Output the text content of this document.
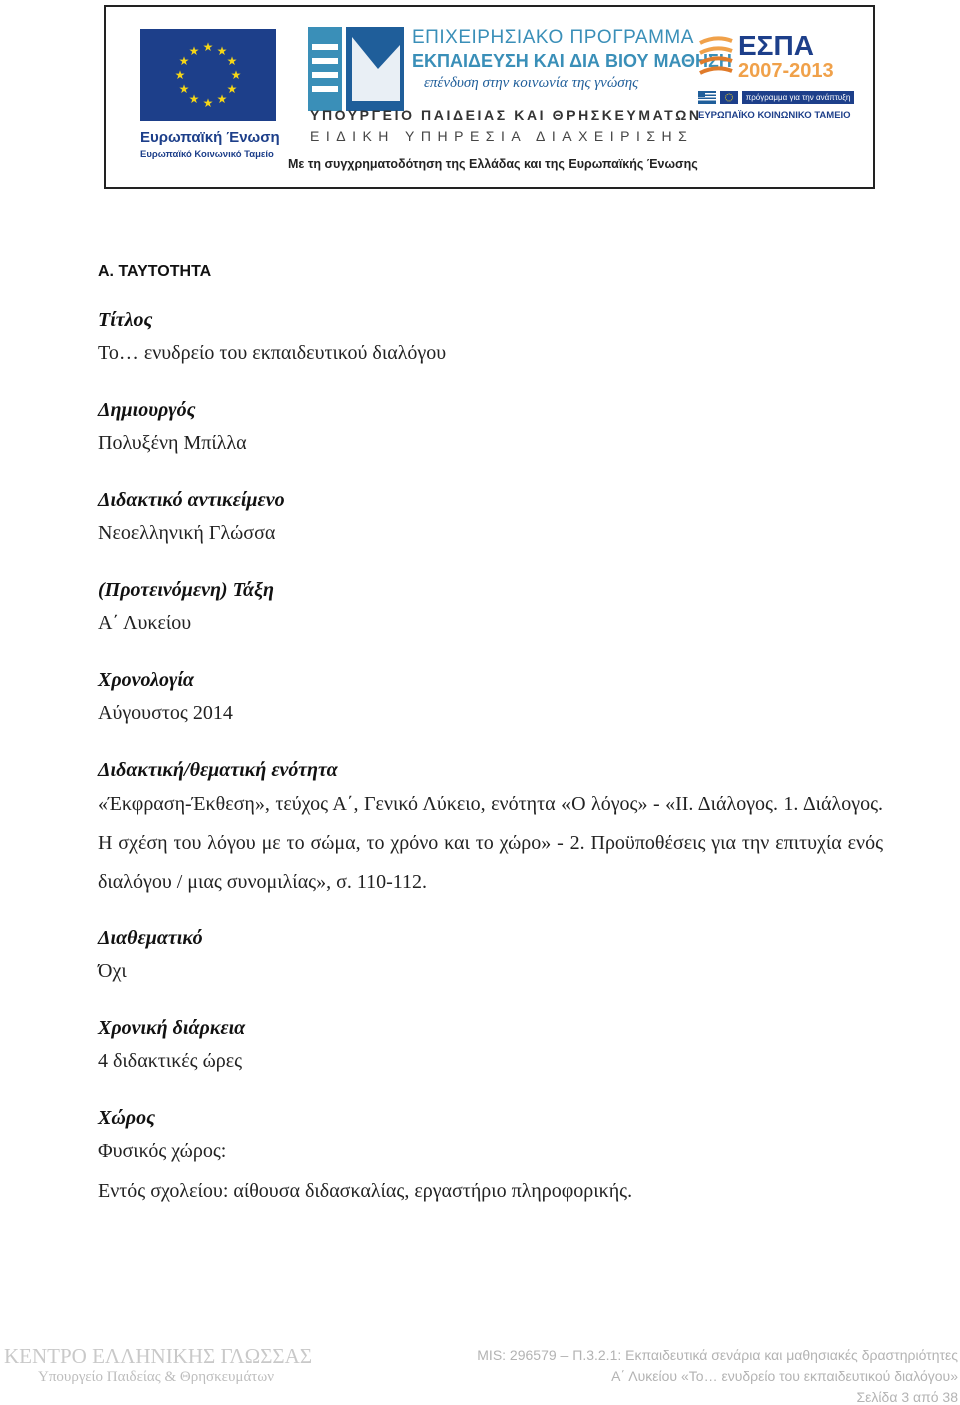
★ ★
★
★
★
★
★
★
★
★
★
★
Ευρωπαϊκή Ένωση
Ευρωπαϊκό Κοινωνικό Ταμείο
ΕΠΙΧΕΙΡΗΣΙΑΚΟ ΠΡΟΓΡΑΜΜΑ
ΕΚΠΑΙΔΕΥΣΗ ΚΑΙ ΔΙΑ ΒΙΟΥ ΜΑΘΗΣΗ
επένδυση στην κοινωνία της γνώσης
ΥΠΟΥΡΓΕΙΟ ΠΑΙΔΕΙΑΣ ΚΑΙ ΘΡΗΣΚΕΥΜΑΤΩΝ
ΕΙΔΙΚΗ ΥΠΗΡΕΣΙΑ ΔΙΑΧΕΙΡΙΣΗΣ
Με τη συγχρηματοδότηση της Ελλάδας και της Ευρωπαϊκής Ένωσης
ΕΣΠΑ
2007-2013
πρόγραμμα για την ανάπτυξη
ΕΥΡΩΠΑΪΚΟ ΚΟΙΝΩΝΙΚΟ ΤΑΜΕΙΟ
Α. ΤΑΥΤΟΤΗΤΑ
Τίτλος
Το… ενυδρείο του εκπαιδευτικού διαλόγου
Δημιουργός
Πολυξένη Μπίλλα
Διδακτικό αντικείμενο
Νεοελληνική Γλώσσα
(Προτεινόμενη) Τάξη
Α΄ Λυκείου
Χρονολογία
Αύγουστος 2014
Διδακτική/θεματική ενότητα

«Έκφραση-Έκθεση», τεύχος Α΄, Γενικό Λύκειο, ενότητα «Ο λόγος» - «ΙΙ. Διάλογος. 1. Διάλογος. Η σχέση του λόγου με το σώμα, το χρόνο και το χώρο» - 2. Προϋποθέσεις για την επιτυχία ενός διαλόγου / μιας συνομιλίας», σ. 110-112.

Διαθεματικό
Όχι
Χρονική διάρκεια
4 διδακτικές ώρες
Χώρος
Φυσικός χώρος:
Εντός σχολείου: αίθουσα διδασκαλίας, εργαστήριο πληροφορικής.
ΚΕΝΤΡΟ ΕΛΛΗΝΙΚΗΣ ΓΛΩΣΣΑΣ
Υπουργείο Παιδείας & Θρησκευμάτων
MIS: 296579 – Π.3.2.1: Εκπαιδευτικά σενάρια και μαθησιακές δραστηριότητες
Α΄ Λυκείου «Το… ενυδρείο του εκπαιδευτικού διαλόγου»
Σελίδα 3 από 38
